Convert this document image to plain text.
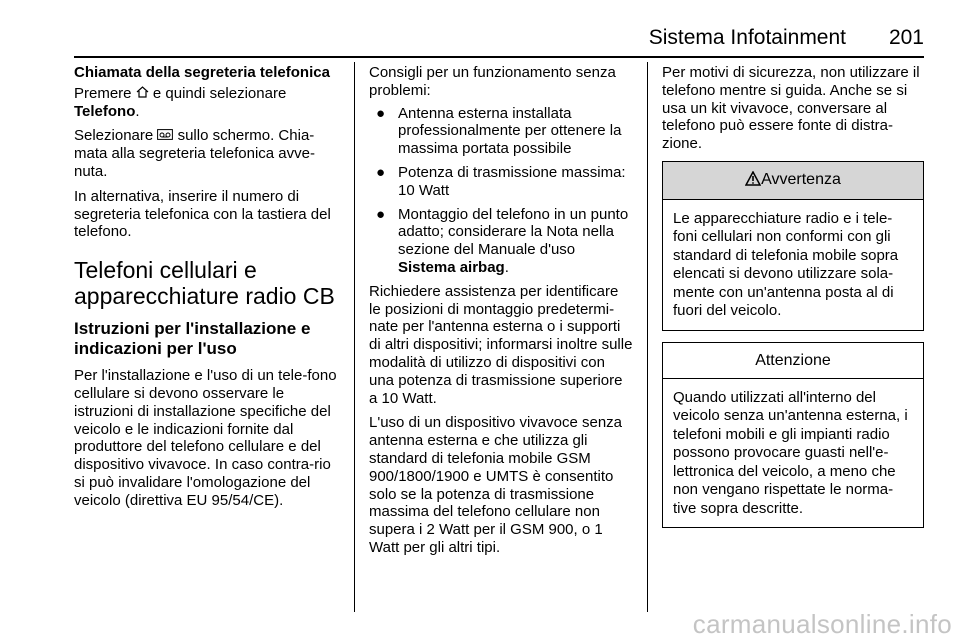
Sistema Infotainment 201

Chiamata della segreteria telefonica

Premere e quindi selezionare Telefono.

Selezionare sullo schermo. Chia-mata alla segreteria telefonica avve-nuta.

In alternativa, inserire il numero di segreteria telefonica con la tastiera del telefono.

Telefoni cellulari e apparecchiature radio CB
Istruzioni per l'installazione e indicazioni per l'uso

Per l'installazione e l'uso di un tele-fono cellulare si devono osservare le istruzioni di installazione specifiche del veicolo e le indicazioni fornite dal produttore del telefono cellulare e del dispositivo vivavoce. In caso contra-rio si può invalidare l'omologazione del veicolo (direttiva EU 95/54/CE).

Consigli per un funzionamento senza problemi:

● Antenna esterna installata professionalmente per ottenere la massima portata possibile
● Potenza di trasmissione massima: 10 Watt
● Montaggio del telefono in un punto adatto; considerare la Nota nella sezione del Manuale d'uso Sistema airbag.

Richiedere assistenza per identificare le posizioni di montaggio predetermi-nate per l'antenna esterna o i supporti di altri dispositivi; informarsi inoltre sulle modalità di utilizzo di dispositivi con una potenza di trasmissione superiore a 10 Watt.

L'uso di un dispositivo vivavoce senza antenna esterna e che utilizza gli standard di telefonia mobile GSM 900/1800/1900 e UMTS è consentito solo se la potenza di trasmissione massima del telefono cellulare non supera i 2 Watt per il GSM 900, o 1 Watt per gli altri tipi.

Per motivi di sicurezza, non utilizzare il telefono mentre si guida. Anche se si usa un kit vivavoce, conversare al telefono può essere fonte di distra-zione.

Avvertenza
Le apparecchiature radio e i tele-foni cellulari non conformi con gli standard di telefonia mobile sopra elencati si devono utilizzare sola-mente con un'antenna posta al di fuori del veicolo.
Attenzione
Quando utilizzati all'interno del veicolo senza un'antenna esterna, i telefoni mobili e gli impianti radio possono provocare guasti nell'e-lettronica del veicolo, a meno che non vengano rispettate le norma-tive sopra descritte.
carmanualsonline.info
